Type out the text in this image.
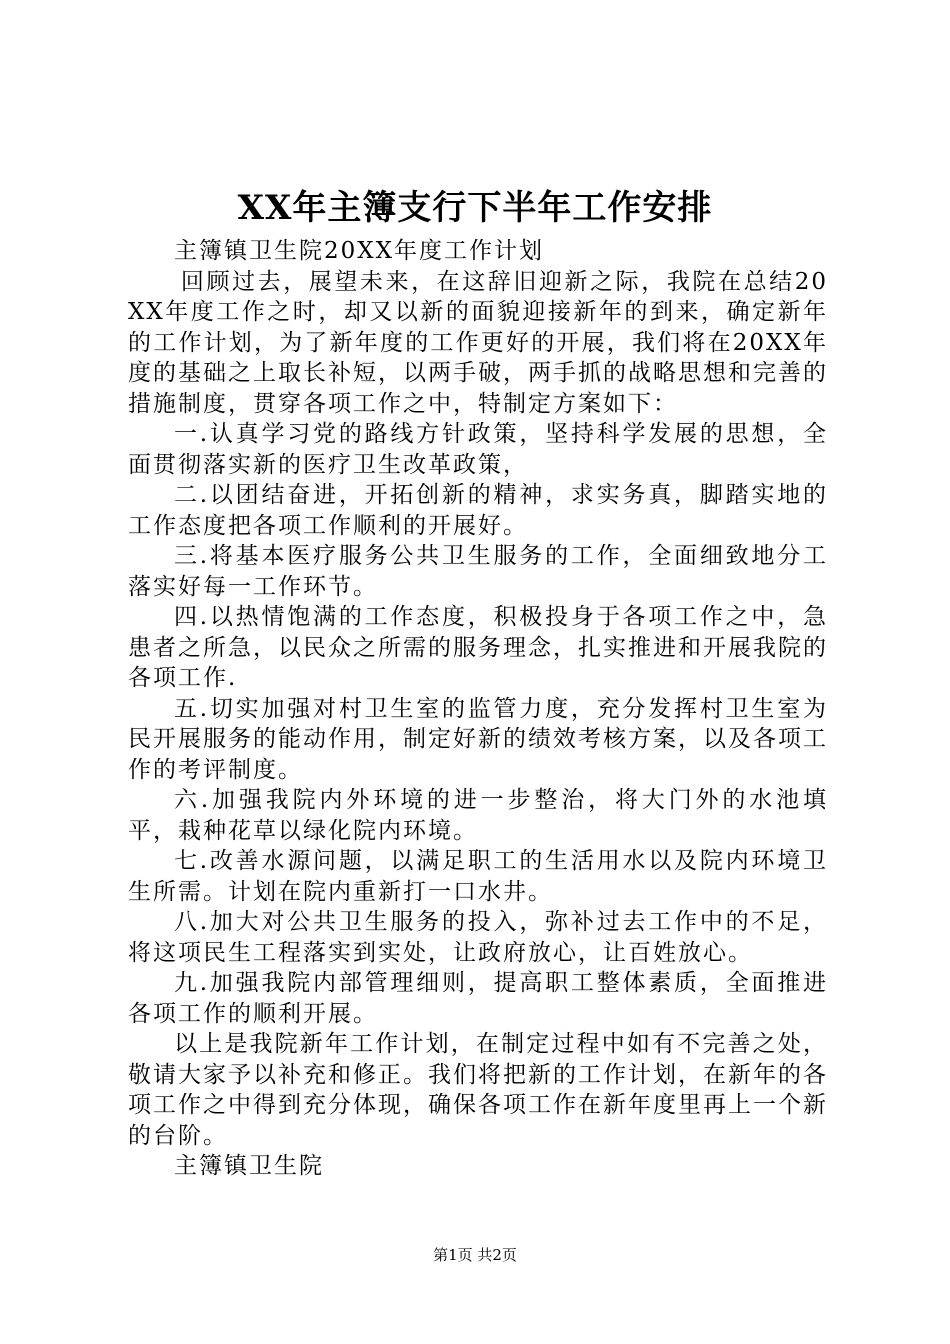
XX年主簿支行下半年工作安排

主簿镇卫生院20XX年度工作计划

回顾过去，展望未来，在这辞旧迎新之际，我院在总结20XX年度工作之时，却又以新的面貌迎接新年的到来，确定新年的工作计划，为了新年度的工作更好的开展，我们将在20XX年度的基础之上取长补短，以两手破，两手抓的战略思想和完善的措施制度，贯穿各项工作之中，特制定方案如下：

一.认真学习党的路线方针政策，坚持科学发展的思想，全面贯彻落实新的医疗卫生改革政策，

二.以团结奋进，开拓创新的精神，求实务真，脚踏实地的工作态度把各项工作顺利的开展好。

三.将基本医疗服务公共卫生服务的工作，全面细致地分工落实好每一工作环节。

四.以热情饱满的工作态度，积极投身于各项工作之中，急患者之所急，以民众之所需的服务理念，扎实推进和开展我院的各项工作.

五.切实加强对村卫生室的监管力度，充分发挥村卫生室为民开展服务的能动作用，制定好新的绩效考核方案，以及各项工作的考评制度。

六.加强我院内外环境的进一步整治，将大门外的水池填平，栽种花草以绿化院内环境。

七.改善水源问题，以满足职工的生活用水以及院内环境卫生所需。计划在院内重新打一口水井。

八.加大对公共卫生服务的投入，弥补过去工作中的不足，将这项民生工程落实到实处，让政府放心，让百姓放心。

九.加强我院内部管理细则，提高职工整体素质，全面推进各项工作的顺利开展。

以上是我院新年工作计划，在制定过程中如有不完善之处，敬请大家予以补充和修正。我们将把新的工作计划，在新年的各项工作之中得到充分体现，确保各项工作在新年度里再上一个新的台阶。

主簿镇卫生院

第1页 共2页
